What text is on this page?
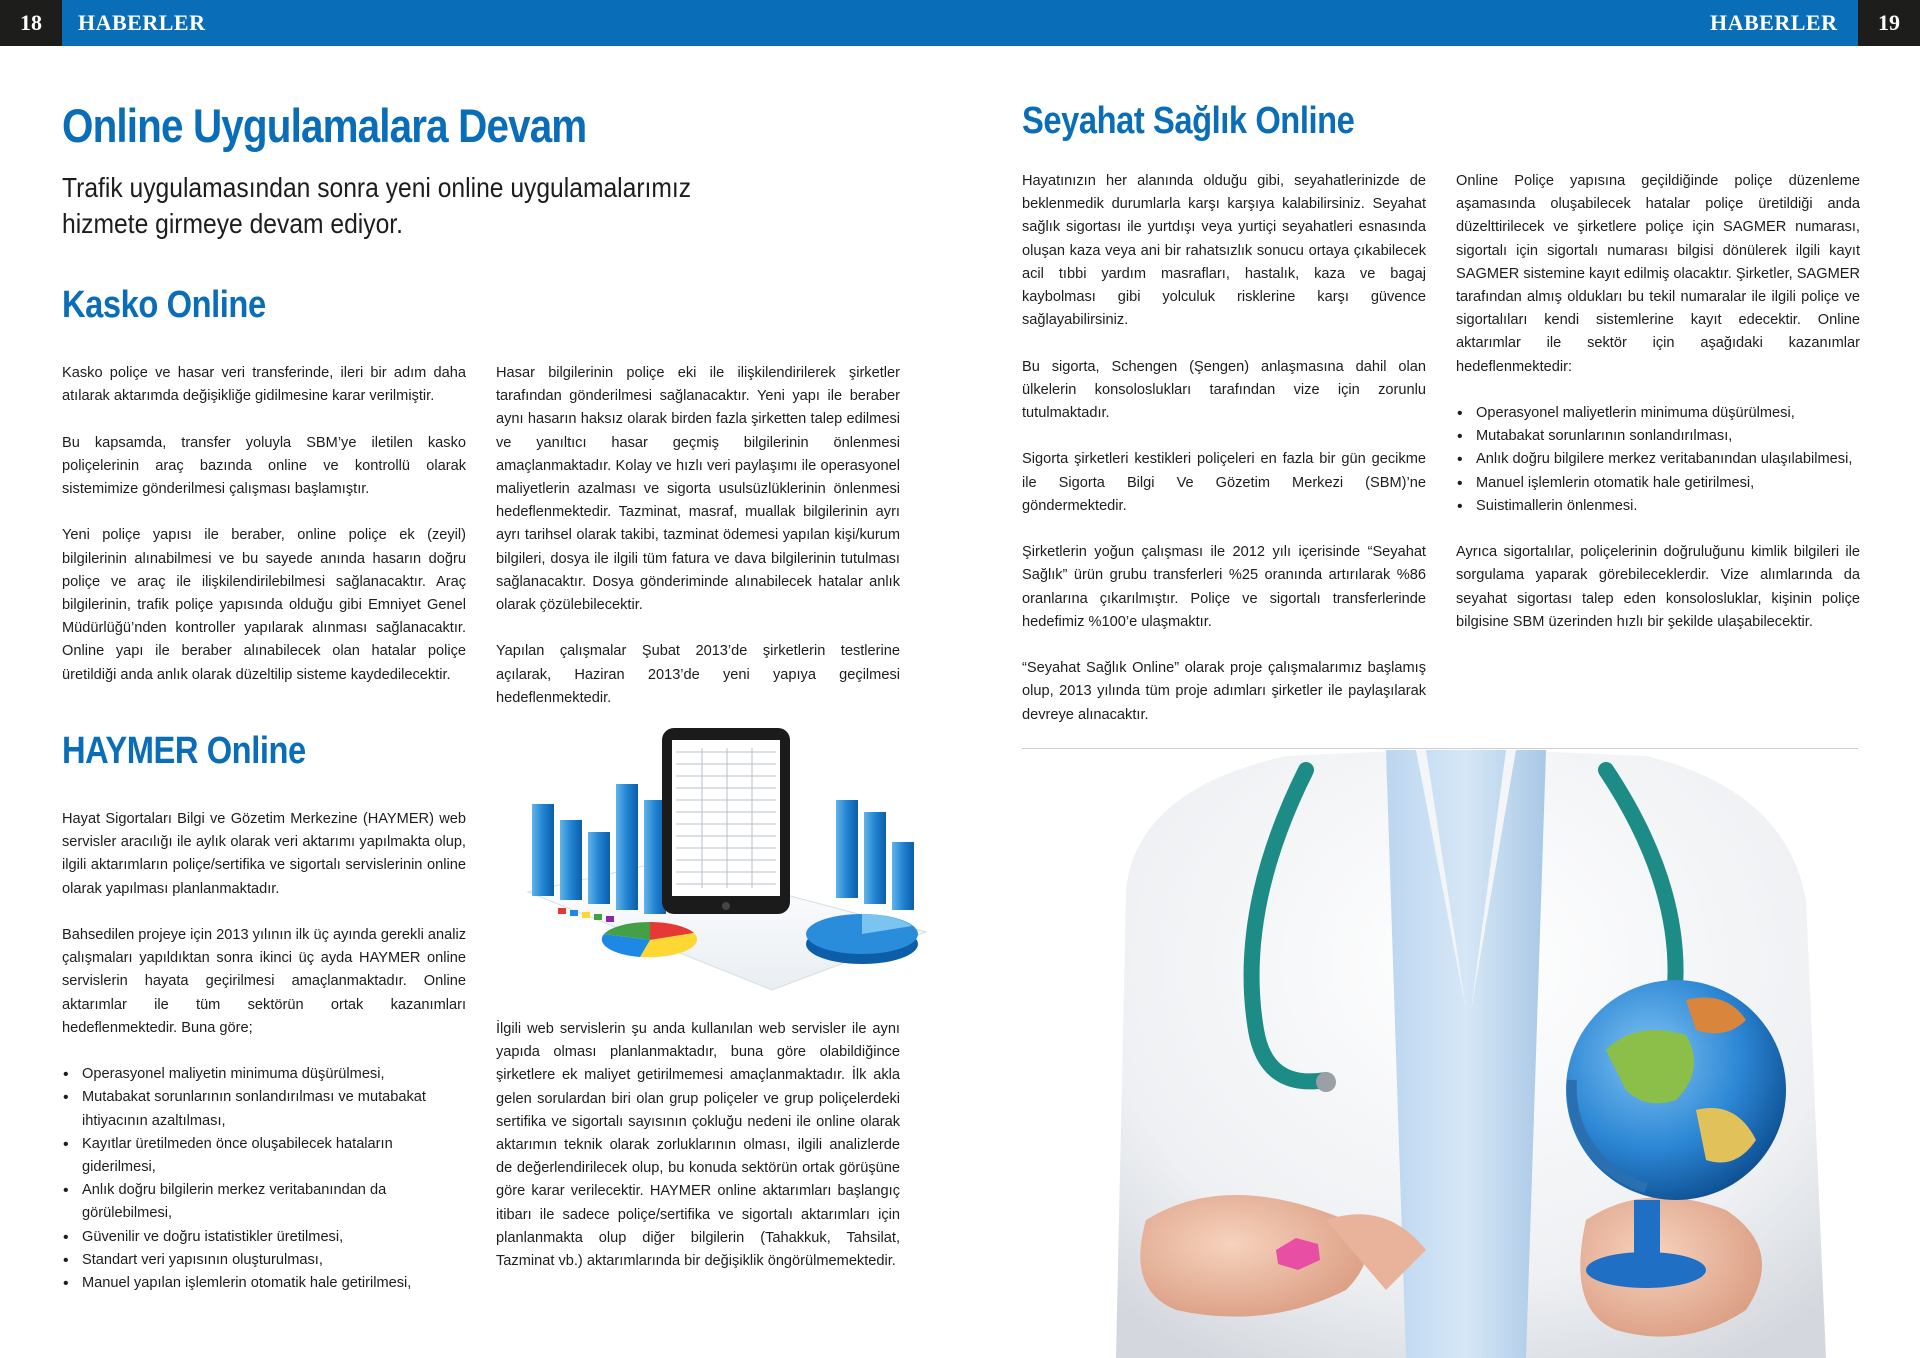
18	HABERLER	HABERLER	19
Online Uygulamalara Devam
Trafik uygulamasından sonra yeni online uygulamalarımız hizmete girmeye devam ediyor.
Kasko Online

Kasko poliçe ve hasar veri transferinde, ileri bir adım daha atılarak aktarımda değişikliğe gidilmesine karar verilmiştir.

Bu kapsamda, transfer yoluyla SBM’ye iletilen kasko poliçelerinin araç bazında online ve kontrollü olarak sistemimize gönderilmesi çalışması başlamıştır.

Yeni poliçe yapısı ile beraber, online poliçe ek (zeyil) bilgilerinin alınabilmesi ve bu sayede anında hasarın doğru poliçe ve araç ile ilişkilendirilebilmesi sağlanacaktır. Araç bilgilerinin, trafik poliçe yapısında olduğu gibi Emniyet Genel Müdürlüğü’nden kontroller yapılarak alınması sağlanacaktır. Online yapı ile beraber alınabilecek olan hatalar poliçe üretildiği anda anlık olarak düzeltilip sisteme kaydedilecektir.

Hasar bilgilerinin poliçe eki ile ilişkilendirilerek şirketler tarafından gönderilmesi sağlanacaktır. Yeni yapı ile beraber aynı hasarın haksız olarak birden fazla şirketten talep edilmesi ve yanıltıcı hasar geçmiş bilgilerinin önlenmesi amaçlanmaktadır. Kolay ve hızlı veri paylaşımı ile operasyonel maliyetlerin azalması ve sigorta usulsüzlüklerinin önlenmesi hedeflenmektedir. Tazminat, masraf, muallak bilgilerinin ayrı ayrı tarihsel olarak takibi, tazminat ödemesi yapılan kişi/kurum bilgileri, dosya ile ilgili tüm fatura ve dava bilgilerinin tutulması sağlanacaktır. Dosya gönderiminde alınabilecek hatalar anlık olarak çözülebilecektir.

Yapılan çalışmalar Şubat 2013’de şirketlerin testlerine açılarak, Haziran 2013’de yeni yapıya geçilmesi hedeflenmektedir.

HAYMER Online

Hayat Sigortaları Bilgi ve Gözetim Merkezine (HAYMER) web servisler aracılığı ile aylık olarak veri aktarımı yapılmakta olup, ilgili aktarımların poliçe/sertifika ve sigortalı servislerinin online olarak yapılması planlanmaktadır.

Bahsedilen projeye için 2013 yılının ilk üç ayında gerekli analiz çalışmaları yapıldıktan sonra ikinci üç ayda HAYMER online servislerin hayata geçirilmesi amaçlanmaktadır. Online aktarımlar ile tüm sektörün ortak kazanımları hedeflenmektedir. Buna göre;

• Operasyonel maliyetin minimuma düşürülmesi,
• Mutabakat sorunlarının sonlandırılması ve mutabakat ihtiyacının azaltılması,
• Kayıtlar üretilmeden önce oluşabilecek hataların giderilmesi,
• Anlık doğru bilgilerin merkez veritabanından da görülebilmesi,
• Güvenilir ve doğru istatistikler üretilmesi,
• Standart veri yapısının oluşturulması,
• Manuel yapılan işlemlerin otomatik hale getirilmesi,

İlgili web servislerin şu anda kullanılan web servisler ile aynı yapıda olması planlanmaktadır, buna göre olabildiğince şirketlere ek maliyet getirilmemesi amaçlanmaktadır. İlk akla gelen sorulardan biri olan grup poliçeler ve grup poliçelerdeki sertifika ve sigortalı sayısının çokluğu nedeni ile online olarak aktarımın teknik olarak zorluklarının olması, ilgili analizlerde de değerlendirilecek olup, bu konuda sektörün ortak görüşüne göre karar verilecektir. HAYMER online aktarımları başlangıç itibarı ile sadece poliçe/sertifika ve sigortalı aktarımları için planlanmakta olup diğer bilgilerin (Tahakkuk, Tahsilat, Tazminat vb.) aktarımlarında bir değişiklik öngörülmemektedir.

Seyahat Sağlık Online

Hayatınızın her alanında olduğu gibi, seyahatlerinizde de beklenmedik durumlarla karşı karşıya kalabilirsiniz. Seyahat sağlık sigortası ile yurtdışı veya yurtiçi seyahatleri esnasında oluşan kaza veya ani bir rahatsızlık sonucu ortaya çıkabilecek acil tıbbi yardım masrafları, hastalık, kaza ve bagaj kaybolması gibi yolculuk risklerine karşı güvence sağlayabilirsiniz.

Bu sigorta, Schengen (Şengen) anlaşmasına dahil olan ülkelerin konsoloslukları tarafından vize için zorunlu tutulmaktadır.

Sigorta şirketleri kestikleri poliçeleri en fazla bir gün gecikme ile Sigorta Bilgi Ve Gözetim Merkezi (SBM)’ne göndermektedir.

Şirketlerin yoğun çalışması ile 2012 yılı içerisinde “Seyahat Sağlık” ürün grubu transferleri %25 oranında artırılarak %86 oranlarına çıkarılmıştır. Poliçe ve sigortalı transferlerinde hedefimiz %100’e ulaşmaktır.

“Seyahat Sağlık Online” olarak proje çalışmalarımız başlamış olup, 2013 yılında tüm proje adımları şirketler ile paylaşılarak devreye alınacaktır.

Online Poliçe yapısına geçildiğinde poliçe düzenleme aşamasında oluşabilecek hatalar poliçe üretildiği anda düzelttirilecek ve şirketlere poliçe için SAGMER numarası, sigortalı için sigortalı numarası bilgisi dönülerek ilgili kayıt SAGMER sistemine kayıt edilmiş olacaktır. Şirketler, SAGMER tarafından almış oldukları bu tekil numaralar ile ilgili poliçe ve sigortalıları kendi sistemlerine kayıt edecektir. Online aktarımlar ile sektör için aşağıdaki kazanımlar hedeflenmektedir:

• Operasyonel maliyetlerin minimuma düşürülmesi,
• Mutabakat sorunlarının sonlandırılması,
• Anlık doğru bilgilere merkez veritabanından ulaşılabilmesi,
• Manuel işlemlerin otomatik hale getirilmesi,
• Suistimallerin önlenmesi.

Ayrıca sigortalılar, poliçelerinin doğruluğunu kimlik bilgileri ile sorgulama yaparak görebileceklerdir. Vize alımlarında da seyahat sigortası talep eden konsolosluklar, kişinin poliçe bilgisine SBM üzerinden hızlı bir şekilde ulaşabilecektir.
